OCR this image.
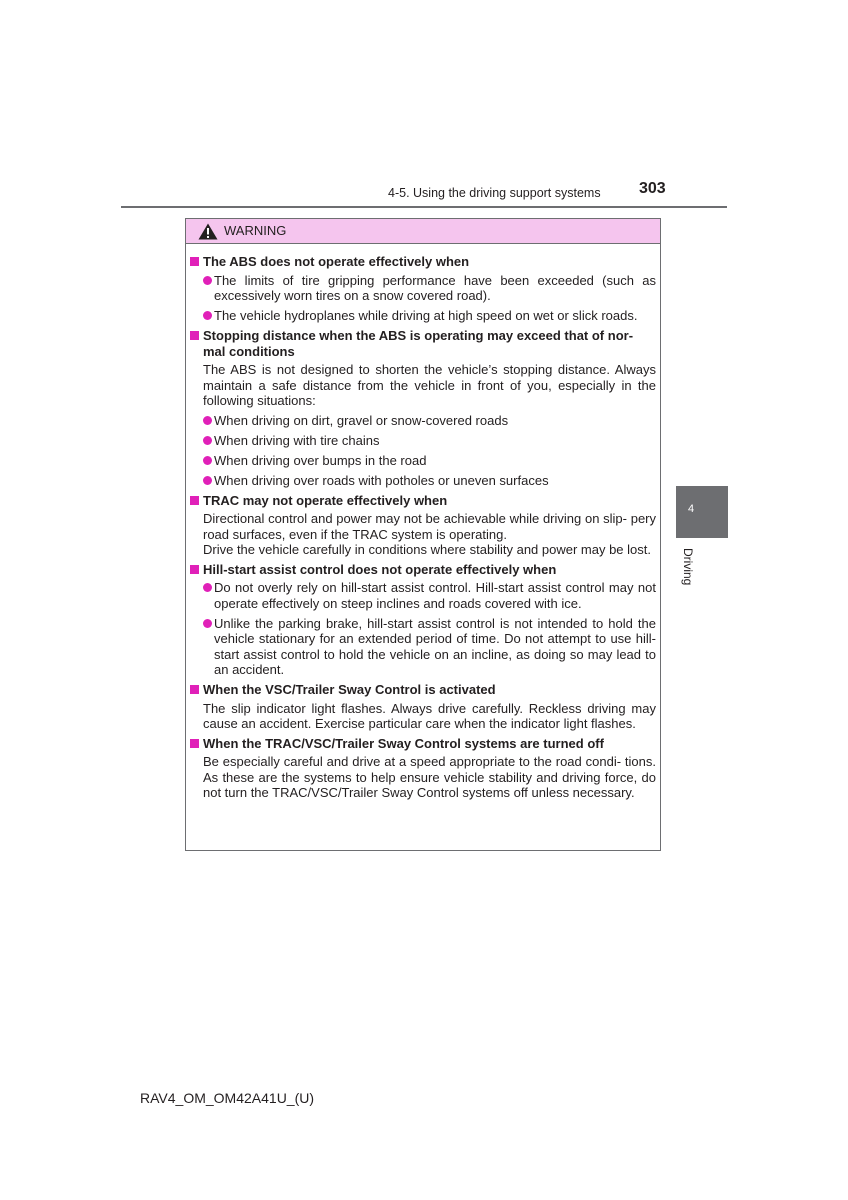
4-5. Using the driving support systems 303
4
Driving
WARNING
The ABS does not operate effectively when
The limits of tire gripping performance have been exceeded (such as excessively worn tires on a snow covered road).
The vehicle hydroplanes while driving at high speed on wet or slick roads.
Stopping distance when the ABS is operating may exceed that of nor- mal conditions
The ABS is not designed to shorten the vehicle’s stopping distance. Always maintain a safe distance from the vehicle in front of you, especially in the following situations:
When driving on dirt, gravel or snow-covered roads
When driving with tire chains
When driving over bumps in the road
When driving over roads with potholes or uneven surfaces
TRAC may not operate effectively when
Directional control and power may not be achievable while driving on slip- pery road surfaces, even if the TRAC system is operating.
Drive the vehicle carefully in conditions where stability and power may be lost.
Hill-start assist control does not operate effectively when
Do not overly rely on hill-start assist control. Hill-start assist control may not operate effectively on steep inclines and roads covered with ice.
Unlike the parking brake, hill-start assist control is not intended to hold the vehicle stationary for an extended period of time. Do not attempt to use hill-start assist control to hold the vehicle on an incline, as doing so may lead to an accident.
When the VSC/Trailer Sway Control is activated
The slip indicator light flashes. Always drive carefully. Reckless driving may cause an accident. Exercise particular care when the indicator light flashes.
When the TRAC/VSC/Trailer Sway Control systems are turned off
Be especially careful and drive at a speed appropriate to the road condi- tions. As these are the systems to help ensure vehicle stability and driving force, do not turn the TRAC/VSC/Trailer Sway Control systems off unless necessary.
RAV4_OM_OM42A41U_(U)
